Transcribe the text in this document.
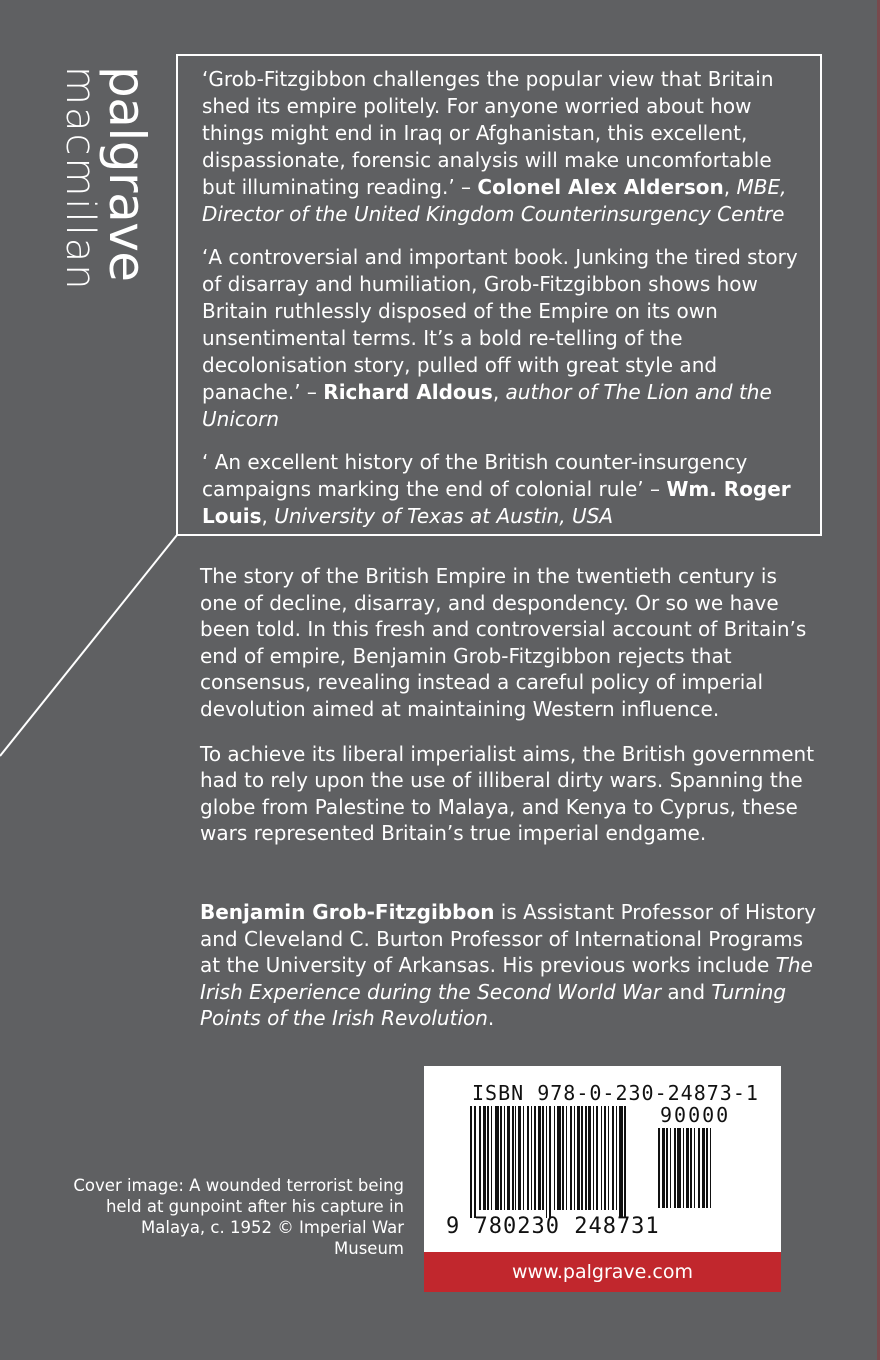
palgrave
macmillan	‘Grob-Fitzgibbon challenges the popular view that Britain shed its empire politely. For anyone worried about how things might end in Iraq or Afghanistan, this excellent, dispassionate, forensic analysis will make uncomfortable but illuminating reading.’ – Colonel Alex Alderson, MBE, Director of the United Kingdom Counterinsurgency Centre

‘A controversial and important book. Junking the tired story of disarray and humiliation, Grob-Fitzgibbon shows how Britain ruthlessly disposed of the Empire on its own unsentimental terms. It’s a bold re-telling of the decolonisation story, pulled off with great style and panache.’ – Richard Aldous, author of The Lion and the Unicorn

‘ An excellent history of the British counter-insurgency campaigns marking the end of colonial rule’ – Wm. Roger Louis, University of Texas at Austin, USA

The story of the British Empire in the twentieth century is one of decline, disarray, and despondency. Or so we have been told. In this fresh and controversial account of Britain’s end of empire, Benjamin Grob-Fitzgibbon rejects that consensus, revealing instead a careful policy of imperial devolution aimed at maintaining Western influence.

To achieve its liberal imperialist aims, the British government had to rely upon the use of illiberal dirty wars. Spanning the globe from Palestine to Malaya, and Kenya to Cyprus, these wars represented Britain’s true imperial endgame.

Benjamin Grob-Fitzgibbon is Assistant Professor of History and Cleveland C. Burton Professor of International Programs at the University of Arkansas. His previous works include The Irish Experience during the Second World War and Turning Points of the Irish Revolution.

Cover image: A wounded terrorist being held at gunpoint after his capture in Malaya, c. 1952 © Imperial War Museum
ISBN 978-0-230-24873-1
90000
9 780230 248731
www.palgrave.com
